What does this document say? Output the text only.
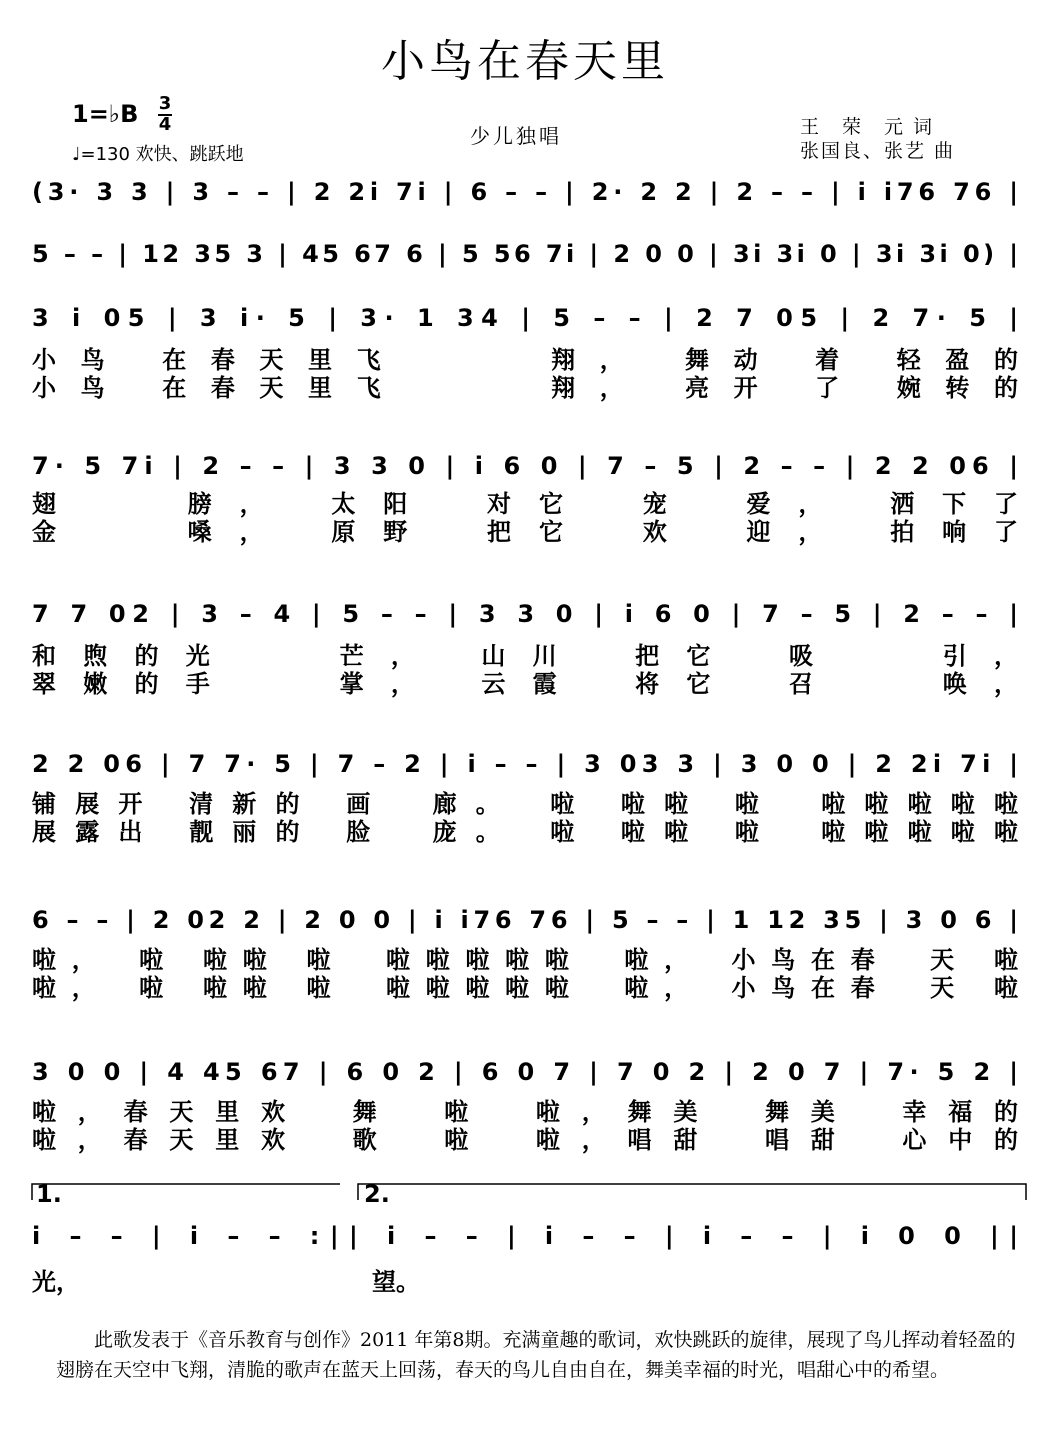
小鸟在春天里
1=♭B 3
4
♩=130 欢快、跳跃地
少儿独唱	王　荣　元 词
张国良、张艺 曲
(3· 3 3 | 3 – – | 2 2i 7i | 6 – – | 2· 2 2 | 2 – – | i i76 76 |
5 – – | 12 35 3 | 45 67 6 | 5 56 7i | 2 0 0 | 3i 3i 0 | 3i 3i 0) |
3 i 05 | 3 i· 5 | 3· 1 34 | 5 – – | 2 7 05 | 2 7· 5 |
小鸟 在春天里飞　　　翔，　舞动 着 轻盈的
小鸟 在春天里飞　　　翔，　亮开 了 婉转的
7· 5 7i | 2 – – | 3 3 0 | i 6 0 | 7 – 5 | 2 – – | 2 2 06 |
翅　　膀，　太阳　对它　宠　爱，　洒下了
金　　嗓，　原野　把它　欢　迎，　拍响了
7 7 02 | 3 – 4 | 5 – – | 3 3 0 | i 6 0 | 7 – 5 | 2 – – |
和煦的光　　芒，　山川　把它　吸　　引，
翠嫩的手　　掌，　云霞　将它　召　　唤，
2 2 06 | 7 7· 5 | 7 – 2 | i – – | 3 03 3 | 3 0 0 | 2 2i 7i |
铺展开 清新的 画　廊。　啦 啦啦 啦　啦啦啦啦啦
展露出 靓丽的 脸　庞。　啦 啦啦 啦　啦啦啦啦啦
6 – – | 2 02 2 | 2 0 0 | i i76 76 | 5 – – | 1 12 35 | 3 0 6 |
啦，　啦 啦啦 啦　啦啦啦啦啦　啦，　小鸟在春　天 啦
啦，　啦 啦啦 啦　啦啦啦啦啦　啦，　小鸟在春　天 啦
3 0 0 | 4 45 67 | 6 0 2 | 6 0 7 | 7 0 2 | 2 0 7 | 7· 5 2 |
啦，春天里欢　舞　啦　啦，舞美　舞美　幸福的
啦，春天里欢　歌　啦　啦，唱甜　唱甜　心中的
1.	2.
i – – | i – – :|| i – – | i – – | i – – | i 0 0 ||
光，	望。
此歌发表于《音乐教育与创作》2011 年第8期。充满童趣的歌词，欢快跳跃的旋律，展现了鸟儿挥动着轻盈的翅膀在天空中飞翔，清脆的歌声在蓝天上回荡，春天的鸟儿自由自在，舞美幸福的时光，唱甜心中的希望。
